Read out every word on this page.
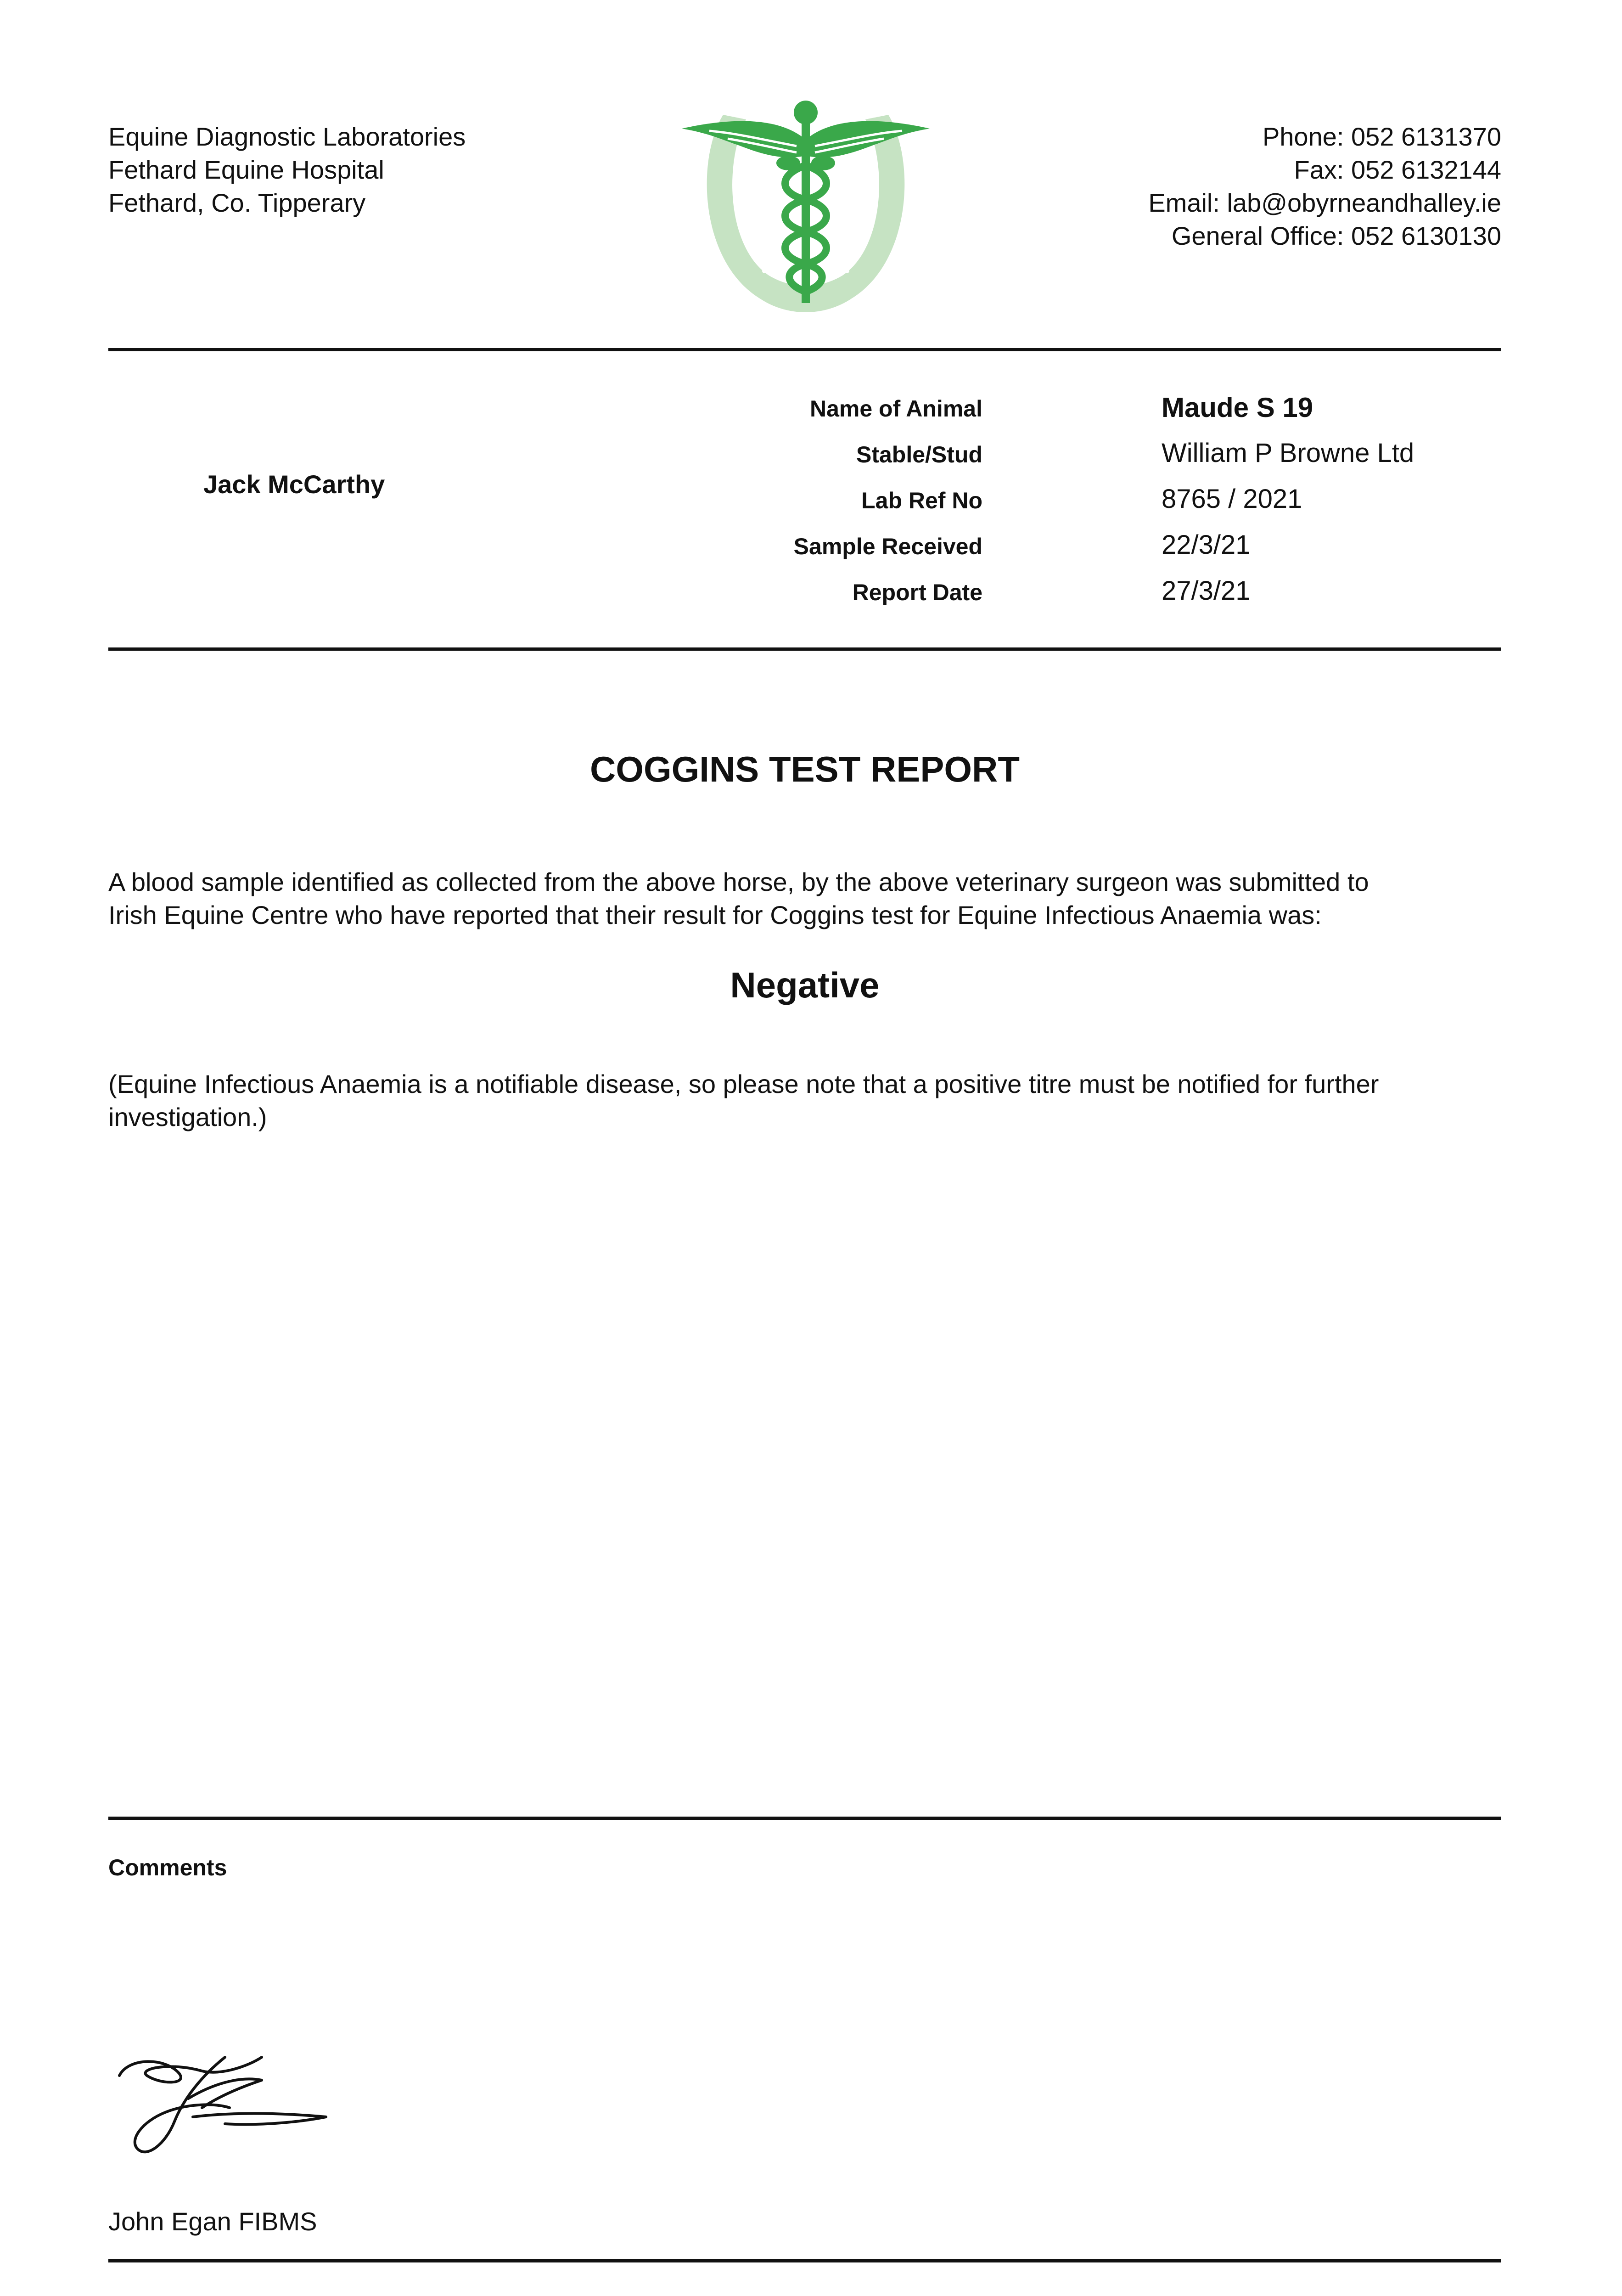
Equine Diagnostic Laboratories
Fethard Equine Hospital
Fethard, Co. Tipperary
Phone: 052 6131370
Fax: 052 6132144
Email: lab@obyrneandhalley.ie
General Office: 052 6130130
Jack McCarthy
Name of Animal	Maude S 19
Stable/Stud	William P Browne Ltd
Lab Ref No	8765 / 2021
Sample Received	22/3/21
Report Date	27/3/21
COGGINS TEST REPORT
A blood sample identified as collected from the above horse, by the above veterinary surgeon was submitted to
Irish Equine Centre who have reported that their result for Coggins test for Equine Infectious Anaemia was:
Negative
(Equine Infectious Anaemia is a notifiable disease, so please note that a positive titre must be notified for further
investigation.)
Comments
John Egan FIBMS
